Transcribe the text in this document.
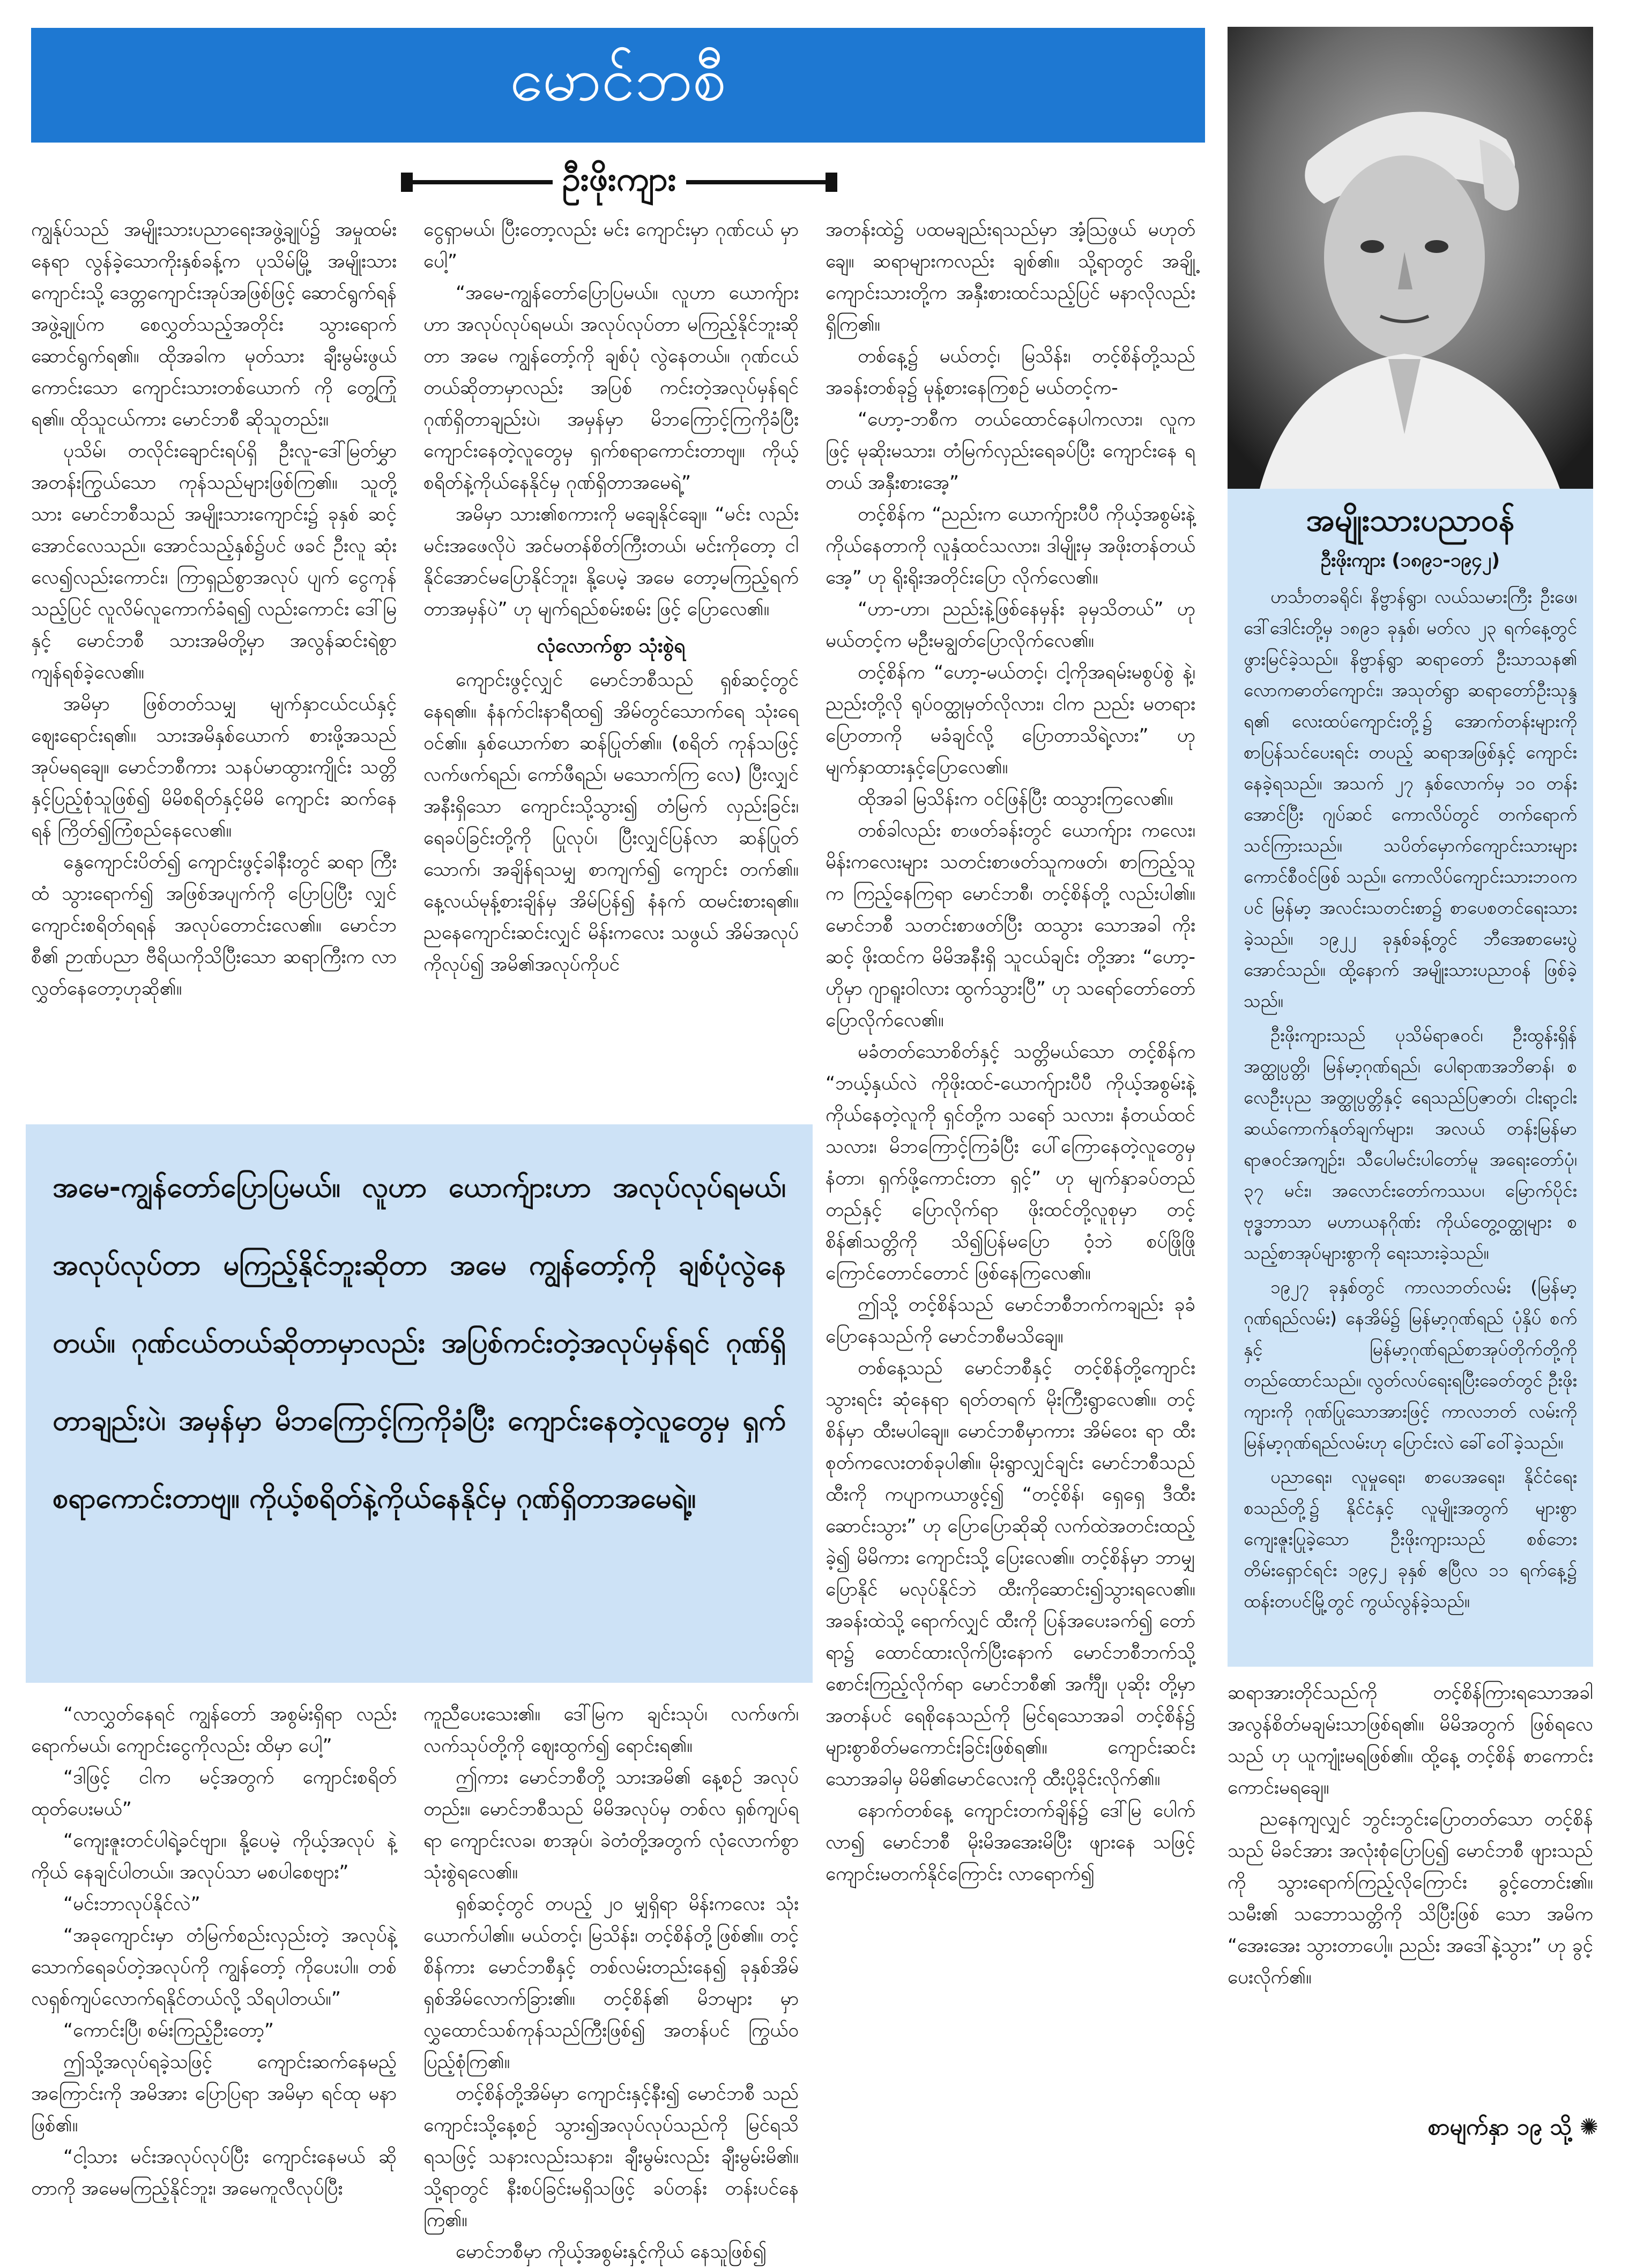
မောင်ဘစီ
ဦးဖိုးကျား

ကျွန်ုပ်သည် အမျိုးသားပညာရေးအဖွဲ့ချုပ်၌ အမှုထမ်းနေရာ လွန်ခဲ့သောကိုးနှစ်ခန့်က ပုသိမ်မြို့ အမျိုးသားကျောင်းသို့ ဒေတ္တကျောင်းအုပ်အဖြစ်ဖြင့် ဆောင်ရွက်ရန် အဖွဲ့ချုပ်က စေလွှတ်သည့်အတိုင်း သွားရောက်ဆောင်ရွက်ရ၏။ ထိုအခါက မုတ်သား ချီးမွမ်းဖွယ်ကောင်းသော ကျောင်းသားတစ်ယောက် ကို တွေ့ကြုံရ၏။ ထိုသူငယ်ကား မောင်ဘစီ ဆိုသူတည်း။

ပုသိမ်၊ တလိုင်းချောင်းရပ်ရှိ ဦးလူ-ဒေါ်မြတ်မွှာ အတန်းကြွယ်သော ကုန်သည်များဖြစ်ကြ၏။ သူတို့ သား မောင်ဘစီသည် အမျိုးသားကျောင်း၌ ခုနှစ် ဆင့်အောင်လေသည်။ အောင်သည့်နှစ်၌ပင် ဖခင် ဦးလူ ဆုံးလေ၍လည်းကောင်း၊ ကြာရှည်စွာအလုပ် ပျက် ငွေကုန်သည့်ပြင် လူလိမ်လူကောက်ခံရ၍ လည်းကောင်း ဒေါ်မြနှင့် မောင်ဘစီ သားအမိတို့မှာ အလွန်ဆင်းရဲစွာ ကျန်ရစ်ခဲ့လေ၏။

အမိမှာ ဖြစ်တတ်သမျှ မျက်နှာငယ်ငယ်နှင့် ဈေးရောင်းရ၏။ သားအမိနှစ်ယောက် စားဖို့အသည် အုပ်မရချေ။ မောင်ဘစီကား သနပ်မာထွားကျိုင်း သတ္တိနှင့်ပြည့်စုံသူဖြစ်၍ မိမိစရိတ်နှင့်မိမိ ကျောင်း ဆက်နေရန် ကြိတ်၍ကြံစည်နေလေ၏။

နွေကျောင်းပိတ်၍ ကျောင်းဖွင့်ခါနီးတွင် ဆရာ ကြီးထံ သွားရောက်၍ အဖြစ်အပျက်ကို ပြောပြပြီး လျှင် ကျောင်းစရိတ်ရရန် အလုပ်တောင်းလေ၏။ မောင်ဘစီ၏ ဉာဏ်ပညာ ဗီရိယကိုသိပြီးသော ဆရာကြီးက လာလွှတ်နေတော့ဟုဆို၏။

ငွေရှာမယ်၊ ပြီးတော့လည်း မင်း ကျောင်းမှာ ဂုဏ်ငယ် မှာပေါ့”

“အမေ-ကျွန်တော်ပြောပြမယ်။ လူဟာ ယောက်ျားဟာ အလုပ်လုပ်ရမယ်၊ အလုပ်လုပ်တာ မကြည့်နိုင်ဘူးဆိုတာ အမေ ကျွန်တော့်ကို ချစ်ပုံ လွဲနေတယ်။ ဂုဏ်ငယ်တယ်ဆိုတာမှာလည်း အပြစ် ကင်းတဲ့အလုပ်မှန်ရင် ဂုဏ်ရှိတာချည်းပဲ၊ အမှန်မှာ မိဘကြောင့်ကြကိုခံပြီး ကျောင်းနေတဲ့လူတွေမှ ရှက်စရာကောင်းတာဗျ။ ကိုယ့်စရိတ်နဲ့ကိုယ်နေနိုင်မှ ဂုဏ်ရှိတာအမေရဲ့”

အမိမှာ သား၏စကားကို မချေနိုင်ချေ။ “မင်း လည်း မင်းအဖေလိုပဲ အင်မတန်စိတ်ကြီးတယ်၊ မင်းကိုတော့ ငါနိုင်အောင်မပြောနိုင်ဘူး၊ နို့ပေမဲ့ အမေ တော့မကြည့်ရက်တာအမှန်ပဲ” ဟု မျက်ရည်စမ်းစမ်း ဖြင့် ပြောလေ၏။

လုံလောက်စွာ သုံးစွဲရ

ကျောင်းဖွင့်လျှင် မောင်ဘစီသည် ရှစ်ဆင့်တွင် နေရ၏။ နံနက်ငါးနာရီထ၍ အိမ်တွင်သောက်ရေ သုံးရေဝင်၏။ နှစ်ယောက်စာ ဆန်ပြုတ်၏။ (စရိတ် ကုန်သဖြင့် လက်ဖက်ရည်၊ ကော်ဖီရည်၊ မသောက်ကြ လေ) ပြီးလျှင် အနီးရှိသော ကျောင်းသို့သွား၍ တံမြက် လှည်းခြင်း၊ ရေခပ်ခြင်းတို့ကို ပြုလုပ်၊ ပြီးလျှင်ပြန်လာ ဆန်ပြုတ်သောက်၊ အချိန်ရသမျှ စာကျက်၍ ကျောင်း တက်၏။ နေ့လယ်မုန့်စားချိန်မှ အိမ်ပြန်၍ နံနက် ထမင်းစားရ၏။ ညနေကျောင်းဆင်းလျှင် မိန်းကလေး သဖွယ် အိမ်အလုပ်ကိုလုပ်၍ အမိ၏အလုပ်ကိုပင်

အတန်းထဲ၌ ပထမချည်းရသည်မှာ အံ့သြဖွယ် မဟုတ်ချေ။ ဆရာများကလည်း ချစ်၏။ သို့ရာတွင် အချို့ကျောင်းသားတို့က အနှီးစားထင်သည့်ပြင် မနာလိုလည်းရှိကြ၏။

တစ်နေ့၌ မယ်တင့်၊ မြသိန်း၊ တင့်စိန်တို့သည် အခန်းတစ်ခု၌ မုန့်စားနေကြစဉ် မယ်တင့်က-

“ဟော့-ဘစီက တယ်ထောင်နေပါကလား၊ လူက ဖြင့် မုဆိုးမသား၊ တံမြက်လှည်းရေခပ်ပြီး ကျောင်းနေ ရတယ် အနှီးစားအေ့”

တင့်စိန်က “ညည်းက ယောက်ျားပီပီ ကိုယ့်အစွမ်းနဲ့ကိုယ်နေတာကို လူနှံထင်သလား၊ ဒါမျိုးမှ အဖိုးတန်တယ်အေ့” ဟု ရိုးရိုးအတိုင်းပြော လိုက်လေ၏။

“ဟာ-ဟာ၊ ညည်းနဲ့ဖြစ်နေမှန်း ခုမှသိတယ်” ဟု မယ်တင့်က မဦးမချွတ်ပြောလိုက်လေ၏။

တင့်စိန်က “ဟော့-မယ်တင့်၊ ငါ့ကိုအရမ်းမစွပ်စွဲ နဲ့၊ ညည်းတို့လို ရုပ်ဝတ္ထုမှတ်လိုလား၊ ငါက ညည်း မတရားပြောတာကို မခံချင်လို့ ပြောတာသိရဲ့လား” ဟု မျက်နှာထားနှင့်ပြောလေ၏။

ထိုအခါ မြသိန်းက ဝင်ဖြန်ပြီး ထသွားကြလေ၏။

တစ်ခါလည်း စာဖတ်ခန်းတွင် ယောက်ျား ကလေး၊ မိန်းကလေးများ သတင်းစာဖတ်သူကဖတ်၊ စာကြည့်သူက ကြည့်နေကြရာ မောင်ဘစီ၊ တင့်စိန်တို့ လည်းပါ၏။ မောင်ဘစီ သတင်းစာဖတ်ပြီး ထသွား သောအခါ ကိုးဆင့် ဖိုးထင်က မိမိအနီးရှိ သူငယ်ချင်း တို့အား “ဟော့-ဟိုမှာ ဂျာရူးဝါလား ထွက်သွားပြီ” ဟု သရော်တော်တော် ပြောလိုက်လေ၏။

မခံတတ်သောစိတ်နှင့် သတ္တိမယ်သော တင့်စိန်က “ဘယ့်နှယ်လဲ ကိုဖိုးထင်-ယောက်ျားပီပီ ကိုယ့်အစွမ်းနဲ့ကိုယ်နေတဲ့လူကို ရှင်တို့က သရော် သလား၊ နံတယ်ထင်သလား၊ မိဘကြောင့်ကြခံပြီး ပေါ်ကြောနေတဲ့လူတွေမှ နံတာ၊ ရှက်ဖို့ကောင်းတာ ရှင့်” ဟု မျက်နှာခပ်တည်တည်နှင့် ပြောလိုက်ရာ ဖိုးထင်တို့လူစုမှာ တင့်စိန်၏သတ္တိကို သိ၍ပြန်မပြော ဝံ့ဘဲ စပ်ဖြိုဖြိုကြောင်တောင်တောင် ဖြစ်နေကြလေ၏။

ဤသို့ တင့်စိန်သည် မောင်ဘစီဘက်ကချည်း ခုခံပြောနေသည်ကို မောင်ဘစီမသိချေ။

တစ်နေ့သည် မောင်ဘစီနှင့် တင့်စိန်တို့ကျောင်း သွားရင်း ဆုံနေရာ ရတ်တရက် မိုးကြီးရွာလေ၏။ တင့်စိန်မှာ ထီးမပါချေ။ မောင်ဘစီမှာကား အိမ်ဝေး ရာ ထီးစုတ်ကလေးတစ်ခုပါ၏။ မိုးရွာလျှင်ချင်း မောင်ဘစီသည် ထီးကို ကပျာကယာဖွင့်၍ “တင့်စိန်၊ ရှေရှေ ဒီထီးဆောင်းသွား” ဟု ပြောပြောဆိုဆို လက်ထဲအတင်းထည့်ခဲ့၍ မိမိကား ကျောင်းသို့ ပြေးလေ၏။ တင့်စိန်မှာ ဘာမျှပြောနိုင် မလုပ်နိုင်ဘဲ ထီးကိုဆောင်း၍သွားရလေ၏။ အခန်းထဲသို့ ရောက်လျှင် ထီးကို ပြန်အပေးခက်၍ တော်ရာ၌ ထောင်ထားလိုက်ပြီးနောက် မောင်ဘစီဘက်သို့ စောင်းကြည့်လိုက်ရာ မောင်ဘစီ၏ အင်္ကျီ၊ ပုဆိုး တို့မှာ အတန်ပင် ရေစိုနေသည်ကို မြင်ရသောအခါ တင့်စိန်၌ များစွာစိတ်မကောင်းခြင်းဖြစ်ရ၏။ ကျောင်းဆင်းသောအခါမှ မိမိ၏မောင်လေးကို ထီးပို့ခိုင်းလိုက်၏။

နောက်တစ်နေ့ ကျောင်းတက်ချိန်၌ ဒေါ်မြ ပေါက်လာ၍ မောင်ဘစီ မိုးမိအအေးမိပြီး ဖျားနေ သဖြင့် ကျောင်းမတက်နိုင်ကြောင်း လာရောက်၍

အမေ-ကျွန်တော်ပြောပြမယ်။ လူဟာ ယောက်ျားဟာ အလုပ်လုပ်ရမယ်၊ အလုပ်လုပ်တာ မကြည့်နိုင်ဘူးဆိုတာ အမေ ကျွန်တော့်ကို ချစ်ပုံလွဲနေတယ်။ ဂုဏ်ငယ်တယ်ဆိုတာမှာလည်း အပြစ်ကင်းတဲ့အလုပ်မှန်ရင် ဂုဏ်ရှိတာချည်းပဲ၊ အမှန်မှာ မိဘကြောင့်ကြကိုခံပြီး ကျောင်းနေတဲ့လူတွေမှ ရှက်စရာကောင်းတာဗျ။ ကိုယ့်စရိတ်နဲ့ကိုယ်နေနိုင်မှ ဂုဏ်ရှိတာအမေရဲ့။

“လာလွှတ်နေရင် ကျွန်တော် အစွမ်းရှိရာ လည်း ရောက်မယ်၊ ကျောင်းငွေကိုလည်း ထိမှာ ပေါ့”

“ဒါဖြင့် ငါက မင့်အတွက် ကျောင်းစရိတ် ထုတ်ပေးမယ်”

“ကျေးဇူးတင်ပါရဲ့ခင်ဗျာ။ နို့ပေမဲ့ ကိုယ့်အလုပ် နဲ့ကိုယ် နေချင်ပါတယ်။ အလုပ်သာ မစပါစေဗျား”

“မင်းဘာလုပ်နိုင်လဲ”

“အခုကျောင်းမှာ တံမြက်စည်းလှည်းတဲ့ အလုပ်နဲ့ သောက်ရေခပ်တဲ့အလုပ်ကို ကျွန်တော့် ကိုပေးပါ။ တစ်လရှစ်ကျပ်လောက်ရနိုင်တယ်လို့ သိရပါတယ်။”

“ကောင်းပြီ၊ စမ်းကြည့်ဦးတော့”

ဤသို့အလုပ်ရခဲ့သဖြင့် ကျောင်းဆက်နေမည့် အကြောင်းကို အမိအား ပြောပြရာ အမိမှာ ရင်ထု မနာဖြစ်၏။

“ငါ့သား မင်းအလုပ်လုပ်ပြီး ကျောင်းနေမယ် ဆိုတာကို အမေမကြည့်နိုင်ဘူး၊ အမေကူလီလုပ်ပြီး

ကူညီပေးသေး၏။ ဒေါ်မြက ချင်းသုပ်၊ လက်ဖက်၊ လက်သုပ်တို့ကို ဈေးထွက်၍ ရောင်းရ၏။

ဤကား မောင်ဘစီတို့ သားအမိ၏ နေ့စဉ် အလုပ်တည်း။ မောင်ဘစီသည် မိမိအလုပ်မှ တစ်လ ရှစ်ကျပ်ရရာ ကျောင်းလခ၊ စာအုပ်၊ ခဲတံတို့အတွက် လုံလောက်စွာ သုံးစွဲရလေ၏။

ရှစ်ဆင့်တွင် တပည့် ၂၀ မျှရှိရာ မိန်းကလေး သုံးယောက်ပါ၏။ မယ်တင့်၊ မြသိန်း၊ တင့်စိန်တို့ဖြစ်၏။ တင့်စိန်ကား မောင်ဘစီနှင့် တစ်လမ်းတည်းနေ၍ ခုနှစ်အိမ် ရှစ်အိမ်လောက်ခြား၏။ တင့်စိန်၏ မိဘများ မှာ လွှထောင်သစ်ကုန်သည်ကြီးဖြစ်၍ အတန်ပင် ကြွယ်ဝပြည့်စုံကြ၏။

တင့်စိန်တို့အိမ်မှာ ကျောင်းနှင့်နီး၍ မောင်ဘစီ သည် ကျောင်းသို့နေ့စဉ် သွား၍အလုပ်လုပ်သည်ကို မြင်ရသိရသဖြင့် သနားလည်းသနား၊ ချီးမွမ်းလည်း ချီးမွမ်းမိ၏။ သို့ရာတွင် နီးစပ်ခြင်းမရှိသဖြင့် ခပ်တန်း တန်းပင်နေကြ၏။

မောင်ဘစီမှာ ကိုယ့်အစွမ်းနှင့်ကိုယ် နေသူဖြစ်၍

အမျိုးသားပညာဝန်
ဦးဖိုးကျား (၁၈၉၁-၁၉၄၂)

ဟင်္သာတခရိုင်၊ နိဗ္ဗာန်ရွာ၊ လယ်သမားကြီး ဦးဖေ၊ ဒေါ်ဒေါင်းတို့မှ ၁၈၉၁ ခုနှစ်၊ မတ်လ ၂၃ ရက်နေ့တွင် ဖွားမြင်ခဲ့သည်။ နိဗ္ဗာန်ရွာ ဆရာတော် ဦးသာသန၏ လောကဓာတ်ကျောင်း၊ အသုတ်ရွာ ဆရာတော်ဦးသုန္ဒရ၏ လေးထပ်ကျောင်းတို့၌ အောက်တန်းများကို စာပြန်သင်ပေးရင်း တပည့် ဆရာအဖြစ်နှင့် ကျောင်းနေခဲ့ရသည်။ အသက် ၂၇ နှစ်လောက်မှ ၁၀ တန်းအောင်ပြီး ဂျပ်ဆင် ကောလိပ်တွင် တက်ရောက်သင်ကြားသည်။ သပိတ်မှောက်ကျောင်းသားများ ကောင်စီဝင်ဖြစ် သည်။ ကောလိပ်ကျောင်းသားဘဝကပင် မြန်မာ့ အလင်းသတင်းစာ၌ စာပေစတင်ရေးသားခဲ့သည်။ ၁၉၂၂ ခုနှစ်ခန့်တွင် ဘီအေစာမေးပွဲအောင်သည်။ ထို့နောက် အမျိုးသားပညာဝန် ဖြစ်ခဲ့သည်။

ဦးဖိုးကျားသည် ပုသိမ်ရာဇဝင်၊ ဦးထွန်းရှိန် အတ္ထုပ္ပတ္တိ၊ မြန်မာ့ဂုဏ်ရည်၊ ပေါရာဏအဘိဓာန်၊ စလေဦးပုည အတ္ထုပ္ပတ္တိနှင့် ရေသည်ပြဇာတ်၊ ငါးရာ့ငါးဆယ်ကောက်နုတ်ချက်များ၊ အလယ် တန်းမြန်မာရာဇဝင်အကျဉ်း၊ သီပေါမင်းပါတော်မူ အရေးတော်ပုံ၊ ၃၇ မင်း၊ အလောင်းတော်ကဿပ၊ မြောက်ပိုင်းဗုဒ္ဓဘာသာ မဟာယနဂိုဏ်း ကိုယ်တွေ့ဝတ္ထုများ စသည့်စာအုပ်များစွာကို ရေးသားခဲ့သည်။

၁၉၂၇ ခုနှစ်တွင် ကာလဘတ်လမ်း (မြန်မာ့ ဂုဏ်ရည်လမ်း) နေအိမ်၌ မြန်မာ့ဂုဏ်ရည် ပုံနှိပ် စက်နှင့် မြန်မာ့ဂုဏ်ရည်စာအုပ်တိုက်တို့ကို တည်ထောင်သည်။ လွတ်လပ်ရေးရပြီးခေတ်တွင် ဦးဖိုးကျားကို ဂုဏ်ပြုသောအားဖြင့် ကာလဘတ် လမ်းကို မြန်မာ့ဂုဏ်ရည်လမ်းဟု ပြောင်းလဲ ခေါ်ဝေါ်ခဲ့သည်။

ပညာရေး၊ လူမှုရေး၊ စာပေအရေး၊ နိုင်ငံရေး စသည်တို့၌ နိုင်ငံနှင့် လူမျိုးအတွက် များစွာ ကျေးဇူးပြုခဲ့သော ဦးဖိုးကျားသည် စစ်ဘေး တိမ်းရှောင်ရင်း ၁၉၄၂ ခုနှစ် ဧပြီလ ၁၁ ရက်နေ့၌ ထန်းတပင်မြို့တွင် ကွယ်လွန်ခဲ့သည်။

ဆရာအားတိုင်သည်ကို တင့်စိန်ကြားရသောအခါ အလွန်စိတ်မချမ်းသာဖြစ်ရ၏။ မိမိအတွက် ဖြစ်ရလေသည် ဟု ယူကျုံးမရဖြစ်၏။ ထို့နေ့ တင့်စိန် စာကောင်း ကောင်းမရချေ။

ညနေကျလျှင် ဘွင်းဘွင်းပြောတတ်သော တင့်စိန်သည် မိခင်အား အလုံးစုံပြောပြ၍ မောင်ဘစီ ဖျားသည်ကို သွားရောက်ကြည့်လိုကြောင်း ခွင့်တောင်း၏။ သမီး၏ သဘောသတ္တိကို သိပြီးဖြစ် သော အမိက “အေးအေး သွားတာပေါ့။ ညည်း အဒေါ်နဲ့သွား” ဟု ခွင့်ပေးလိုက်၏။

စာမျက်နှာ ၁၉ သို့ ✺
